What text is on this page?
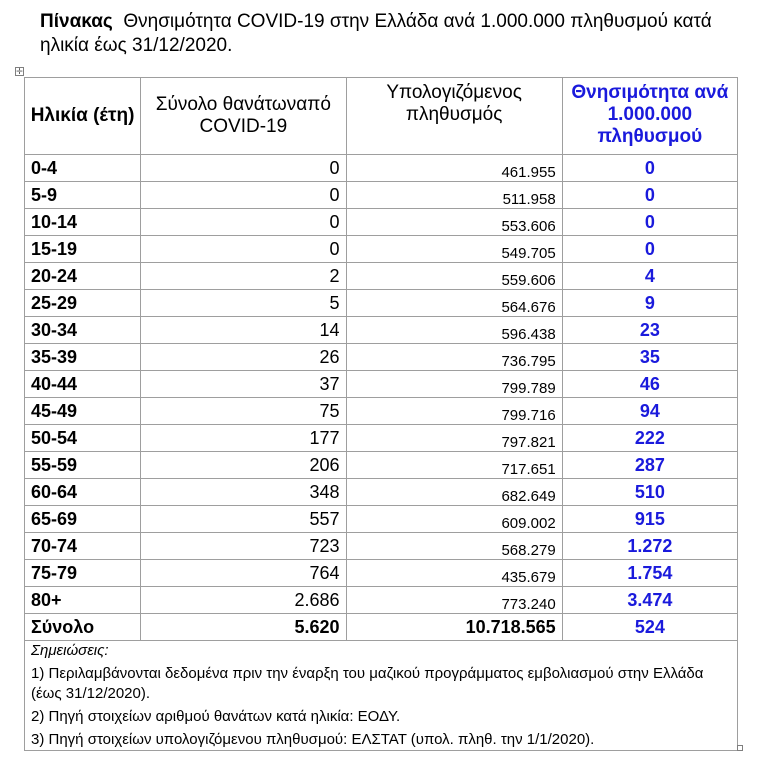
Πίνακας Θνησιμότητα COVID-19 στην Ελλάδα ανά 1.000.000 πληθυσμού κατά ηλικία έως 31/12/2020.
✛
Ηλικία (έτη)	Σύνολο θανάτωναπό COVID-19	Υπολογιζόμενος πληθυσμός	Θνησιμότητα ανά 1.000.000 πληθυσμού
0-4	0	461.955	0
5-9	0	511.958	0
10-14	0	553.606	0
15-19	0	549.705	0
20-24	2	559.606	4
25-29	5	564.676	9
30-34	14	596.438	23
35-39	26	736.795	35
40-44	37	799.789	46
45-49	75	799.716	94
50-54	177	797.821	222
55-59	206	717.651	287
60-64	348	682.649	510
65-69	557	609.002	915
70-74	723	568.279	1.272
75-79	764	435.679	1.754
80+	2.686	773.240	3.474
Σύνολο	5.620	10.718.565	524

Σημειώσεις:
1) Περιλαμβάνονται δεδομένα πριν την έναρξη του μαζικού προγράμματος εμβολιασμού στην Ελλάδα (έως 31/12/2020).
2) Πηγή στοιχείων αριθμού θανάτων κατά ηλικία: ΕΟΔΥ.
3) Πηγή στοιχείων υπολογιζόμενου πληθυσμού: ΕΛΣΤΑΤ (υπολ. πληθ. την 1/1/2020).			
